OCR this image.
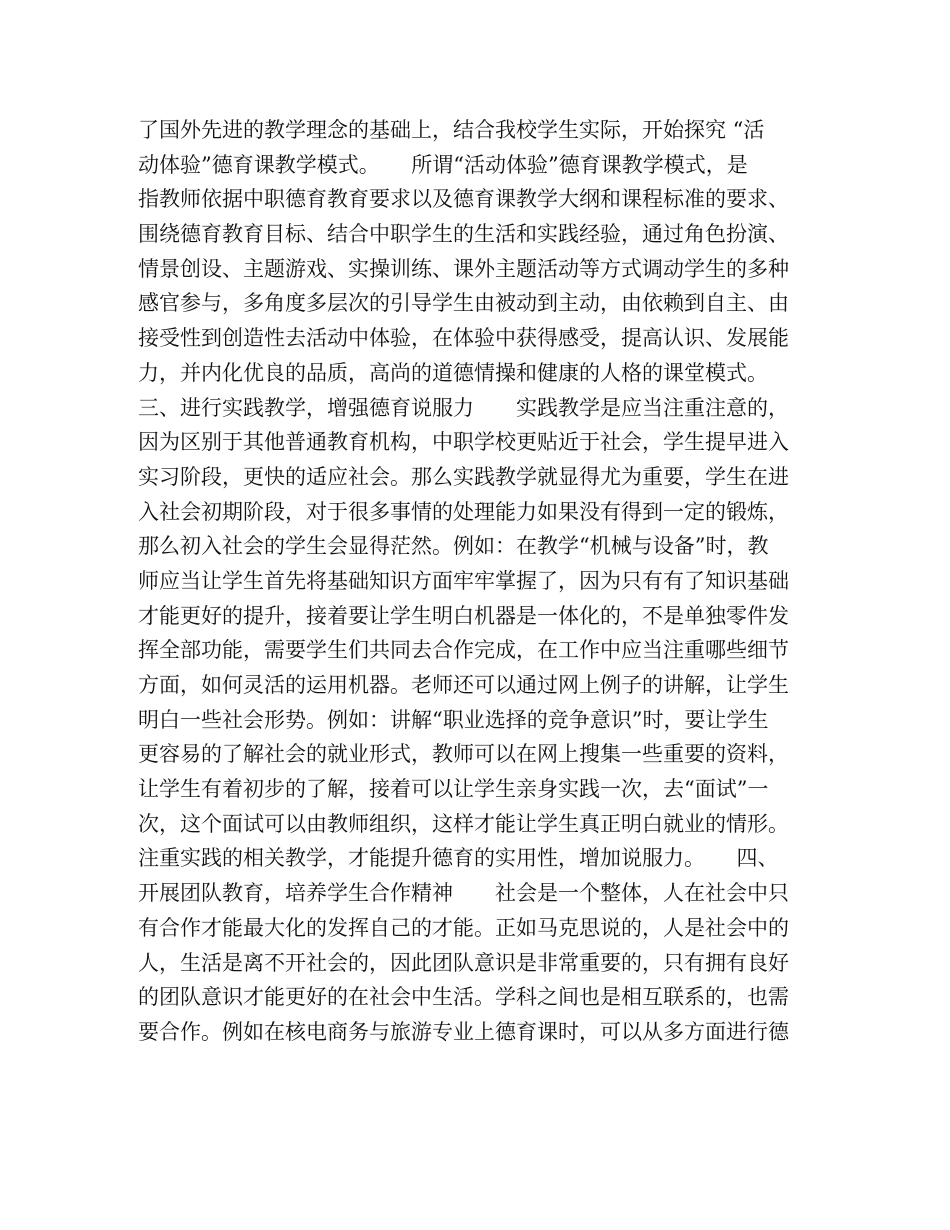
了国外先进的教学理念的基础上，结合我校学生实际，开始探究 “活
动体验”德育课教学模式。　　所谓“活动体验”德育课教学模式，是
指教师依据中职德育教育要求以及德育课教学大纲和课程标准的要求、
围绕德育教育目标、结合中职学生的生活和实践经验，通过角色扮演、
情景创设、主题游戏、实操训练、课外主题活动等方式调动学生的多种
感官参与，多角度多层次的引导学生由被动到主动，由依赖到自主、由
接受性到创造性去活动中体验，在体验中获得感受，提高认识、发展能
力，并内化优良的品质，高尚的道德情操和健康的人格的课堂模式。
三、进行实践教学，增强德育说服力　　实践教学是应当注重注意的，
因为区别于其他普通教育机构，中职学校更贴近于社会，学生提早进入
实习阶段，更快的适应社会。那么实践教学就显得尤为重要，学生在进
入社会初期阶段，对于很多事情的处理能力如果没有得到一定的锻炼，
那么初入社会的学生会显得茫然。例如：在教学“机械与设备”时，教
师应当让学生首先将基础知识方面牢牢掌握了，因为只有有了知识基础
才能更好的提升，接着要让学生明白机器是一体化的，不是单独零件发
挥全部功能，需要学生们共同去合作完成，在工作中应当注重哪些细节
方面，如何灵活的运用机器。老师还可以通过网上例子的讲解，让学生
明白一些社会形势。例如：讲解“职业选择的竞争意识”时，要让学生
更容易的了解社会的就业形式，教师可以在网上搜集一些重要的资料，
让学生有着初步的了解，接着可以让学生亲身实践一次，去“面试”一
次，这个面试可以由教师组织，这样才能让学生真正明白就业的情形。
注重实践的相关教学，才能提升德育的实用性，增加说服力。　　四、
开展团队教育，培养学生合作精神　　社会是一个整体，人在社会中只
有合作才能最大化的发挥自己的才能。正如马克思说的，人是社会中的
人，生活是离不开社会的，因此团队意识是非常重要的，只有拥有良好
的团队意识才能更好的在社会中生活。学科之间也是相互联系的，也需
要合作。例如在核电商务与旅游专业上德育课时，可以从多方面进行德
